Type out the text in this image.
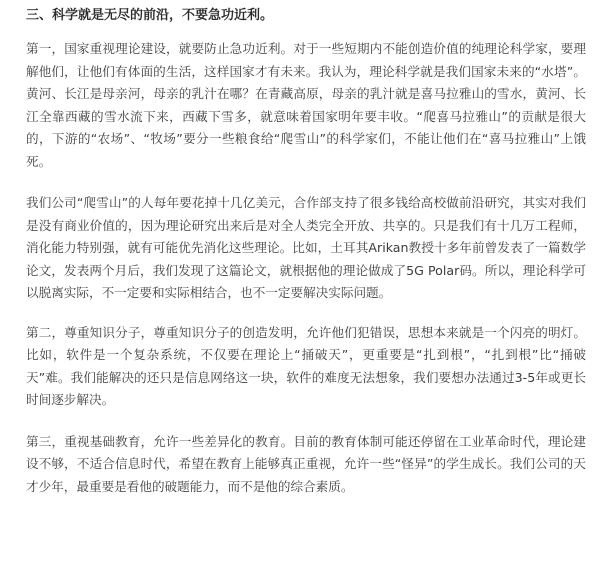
三、科学就是无尽的前沿，不要急功近利。

第一，国家重视理论建设，就要防止急功近利。对于一些短期内不能创造价值的纯理论科学家，要理解他们，让他们有体面的生活，这样国家才有未来。我认为，理论科学就是我们国家未来的“水塔”。黄河、长江是母亲河，母亲的乳汁在哪？在青藏高原，母亲的乳汁就是喜马拉雅山的雪水，黄河、长江全靠西藏的雪水流下来，西藏下雪多，就意味着国家明年要丰收。“爬喜马拉雅山”的贡献是很大的，下游的“农场”、“牧场”要分一些粮食给“爬雪山”的科学家们，不能让他们在“喜马拉雅山”上饿死。

我们公司“爬雪山”的人每年要花掉十几亿美元，合作部支持了很多钱给高校做前沿研究，其实对我们是没有商业价值的，因为理论研究出来后是对全人类完全开放、共享的。只是我们有十几万工程师，消化能力特别强，就有可能优先消化这些理论。比如，土耳其Arikan教授十多年前曾发表了一篇数学论文，发表两个月后，我们发现了这篇论文，就根据他的理论做成了5G Polar码。所以，理论科学可以脱离实际，不一定要和实际相结合，也不一定要解决实际问题。

第二，尊重知识分子，尊重知识分子的创造发明，允许他们犯错误，思想本来就是一个闪亮的明灯。比如，软件是一个复杂系统，不仅要在理论上“捅破天”，更重要是“扎到根”，“扎到根”比“捅破天”难。我们能解决的还只是信息网络这一块，软件的难度无法想象，我们要想办法通过3-5年或更长时间逐步解决。

第三，重视基础教育，允许一些差异化的教育。目前的教育体制可能还停留在工业革命时代，理论建设不够，不适合信息时代，希望在教育上能够真正重视，允许一些“怪异”的学生成长。我们公司的天才少年，最重要是看他的破题能力，而不是他的综合素质。
